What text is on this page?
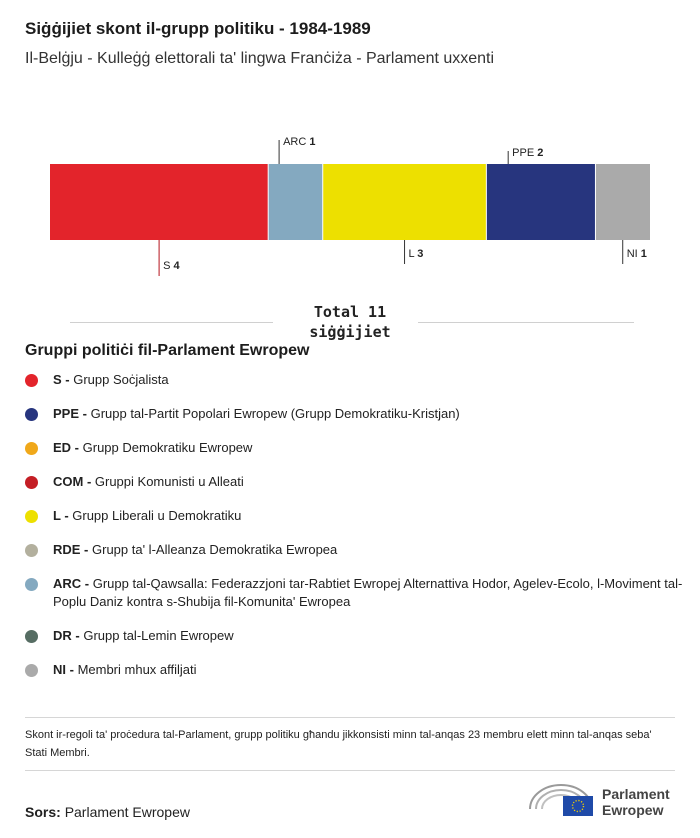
Siġġijiet skont il-grupp politiku - 1984-1989
Il-Belġju - Kulleġġ elettorali ta' lingwa Franċiża - Parlament uxxenti
S 4
ARC 1
L 3
PPE 2
NI 1
Total 11 siġġijiet
Gruppi politiċi fil-Parlament Ewropew
S - Grupp Soċjalista
PPE - Grupp tal-Partit Popolari Ewropew (Grupp Demokratiku-Kristjan)
ED - Grupp Demokratiku Ewropew
COM - Gruppi Komunisti u Alleati
L - Grupp Liberali u Demokratiku
RDE - Grupp ta' l-Alleanza Demokratika Ewropea
ARC - Grupp tal-Qawsalla: Federazzjoni tar-Rabtiet Ewropej Alternattiva Hodor, Agelev-Ecolo, l-Moviment tal-Poplu Daniz kontra s-Shubija fil-Komunita' Ewropea
DR - Grupp tal-Lemin Ewropew
NI - Membri mhux affiljati
Skont ir-regoli ta' proċedura tal-Parlament, grupp politiku għandu jikkonsisti minn tal-anqas 23 membru elett minn tal-anqas seba' Stati Membri.
Sors: Parlament Ewropew
Parlament
Ewropew
